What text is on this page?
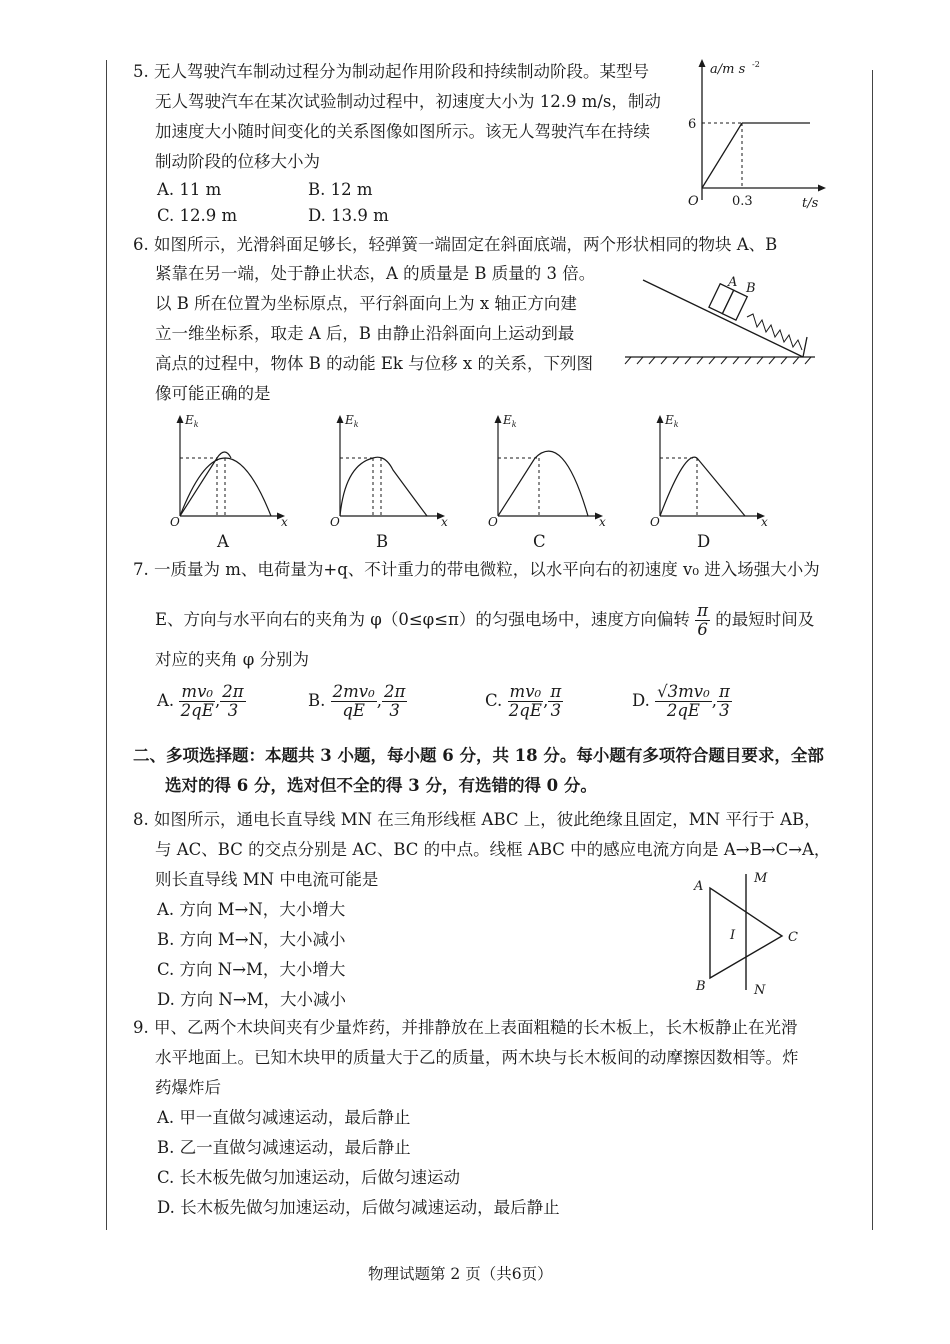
5. 无人驾驶汽车制动过程分为制动起作用阶段和持续制动阶段。某型号
无人驾驶汽车在某次试验制动过程中，初速度大小为 12.9 m/s，制动
加速度大小随时间变化的关系图像如图所示。该无人驾驶汽车在持续
制动阶段的位移大小为
A. 11 m	B. 12 m
C. 12.9 m	D. 13.9 m
a/m s -2
6
O	0.3	t/s
6. 如图所示，光滑斜面足够长，轻弹簧一端固定在斜面底端，两个形状相同的物块 A、B
紧靠在另一端，处于静止状态，A 的质量是 B 质量的 3 倍。
以 B 所在位置为坐标原点，平行斜面向上为 x 轴正方向建
立一维坐标系，取走 A 后，B 由静止沿斜面向上运动到最
高点的过程中，物体 B 的动能 Ek 与位移 x 的关系，下列图
像可能正确的是
A B
$E_k$
O	x
A
$E_k$
O	x
B
$E_k$
O	x
C
$E_k$
O	x
D
7. 一质量为 m、电荷量为+q、不计重力的带电微粒，以水平向右的初速度 v₀ 进入场强大小为
E、方向与水平向右的夹角为 φ（0≤φ≤π）的匀强电场中，速度方向偏转 $\frac{\pi}{6}$ 的最短时间及
对应的夹角 φ 分别为
A. $\frac{\text{mv₀}}{2qE}$ , $\frac{2\pi}{3}$	B. $\frac{\text{2mv₀}}{qE}$ , $\frac{2\pi}{3}$	C. $\frac{\text{mv₀}}{2qE}$ , $\frac{\pi}{3}$	D. $\frac{\text{√3mv₀}}{2qE}$ , $\frac{\pi}{3}$
二、多项选择题：本题共 3 小题，每小题 6 分，共 18 分。每小题有多项符合题目要求，全部
选对的得 6 分，选对但不全的得 3 分，有选错的得 0 分。
8. 如图所示，通电长直导线 MN 在三角形线框 ABC 上，彼此绝缘且固定，MN 平行于 AB，
与 AC、BC 的交点分别是 AC、BC 的中点。线框 ABC 中的感应电流方向是 A→B→C→A，
则长直导线 MN 中电流可能是
A. 方向 M→N，大小增大
B. 方向 M→N，大小减小
C. 方向 N→M，大小增大
D. 方向 N→M，大小减小
A
B
C
M
N
I
9. 甲、乙两个木块间夹有少量炸药，并排静放在上表面粗糙的长木板上，长木板静止在光滑
水平地面上。已知木块甲的质量大于乙的质量，两木块与长木板间的动摩擦因数相等。炸
药爆炸后
A. 甲一直做匀减速运动，最后静止
B. 乙一直做匀减速运动，最后静止
C. 长木板先做匀加速运动，后做匀速运动
D. 长木板先做匀加速运动，后做匀减速运动，最后静止
物理试题第 2 页（共6页）
